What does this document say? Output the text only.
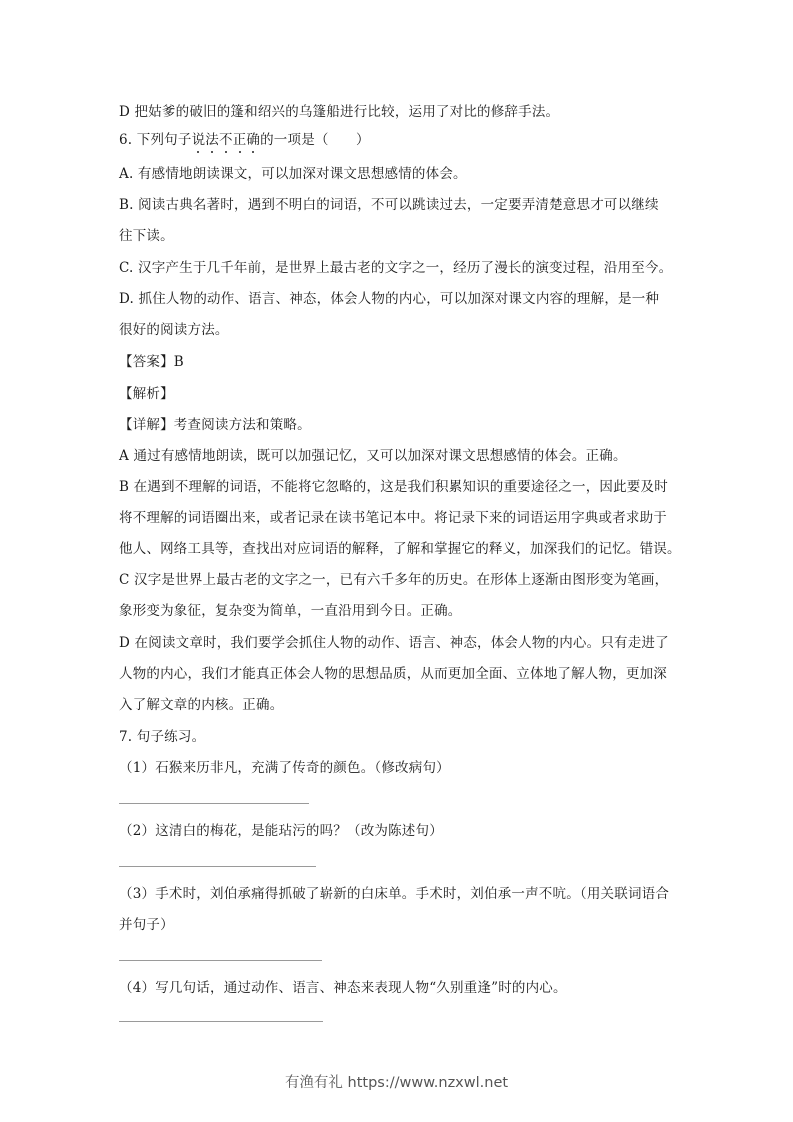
D 把姑爹的破旧的篷和绍兴的乌篷船进行比较，运用了对比的修辞手法。
6. 下列句子说法不正确的一项是（　　）
A. 有感情地朗读课文，可以加深对课文思想感情的体会。
B. 阅读古典名著时，遇到不明白的词语，不可以跳读过去，一定要弄清楚意思才可以继续
往下读。
C. 汉字产生于几千年前，是世界上最古老的文字之一，经历了漫长的演变过程，沿用至今。
D. 抓住人物的动作、语言、神态，体会人物的内心，可以加深对课文内容的理解，是一种
很好的阅读方法。
【答案】B
【解析】
【详解】考查阅读方法和策略。
A 通过有感情地朗读，既可以加强记忆，又可以加深对课文思想感情的体会。正确。
B 在遇到不理解的词语，不能将它忽略的，这是我们积累知识的重要途径之一，因此要及时
将不理解的词语圈出来，或者记录在读书笔记本中。将记录下来的词语运用字典或者求助于
他人、网络工具等，查找出对应词语的解释，了解和掌握它的释义，加深我们的记忆。错误。
C 汉字是世界上最古老的文字之一，已有六千多年的历史。在形体上逐渐由图形变为笔画，
象形变为象征，复杂变为简单，一直沿用到今日。正确。
D 在阅读文章时，我们要学会抓住人物的动作、语言、神态，体会人物的内心。只有走进了
人物的内心，我们才能真正体会人物的思想品质，从而更加全面、立体地了解人物，更加深
入了解文章的内核。正确。
7. 句子练习。
（1）石猴来历非凡，充满了传奇的颜色。（修改病句）
（2）这清白的梅花，是能玷污的吗？（改为陈述句）
（3）手术时，刘伯承痛得抓破了崭新的白床单。手术时，刘伯承一声不吭。（用关联词语合
并句子）
（4）写几句话，通过动作、语言、神态来表现人物“久别重逢”时的内心。
有渔有礼 https://www.nzxwl.net
